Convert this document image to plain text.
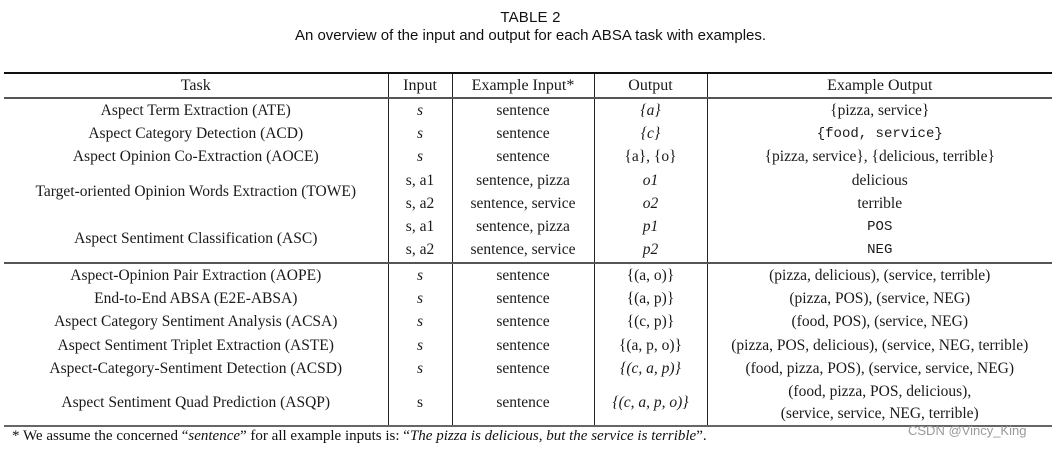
TABLE 2
An overview of the input and output for each ABSA task with examples.
Task	Input	Example Input*	Output	Example Output
Aspect Term Extraction (ATE)	s	sentence	{a}	{pizza, service}
Aspect Category Detection (ACD)	s	sentence	{c}	{food, service}
Aspect Opinion Co-Extraction (AOCE)	s	sentence	{a}, {o}	{pizza, service}, {delicious, terrible}
Target-oriented Opinion Words Extraction (TOWE)	s, a1	sentence, pizza	o1	delicious
	s, a2	sentence, service	o2	terrible
Aspect Sentiment Classification (ASC)	s, a1	sentence, pizza	p1	POS
	s, a2	sentence, service	p2	NEG
Aspect-Opinion Pair Extraction (AOPE)	s	sentence	{(a, o)}	(pizza, delicious), (service, terrible)
End-to-End ABSA (E2E-ABSA)	s	sentence	{(a, p)}	(pizza, POS), (service, NEG)
Aspect Category Sentiment Analysis (ACSA)	s	sentence	{(c, p)}	(food, POS), (service, NEG)
Aspect Sentiment Triplet Extraction (ASTE)	s	sentence	{(a, p, o)}	(pizza, POS, delicious), (service, NEG, terrible)
Aspect-Category-Sentiment Detection (ACSD)	s	sentence	{(c, a, p)}	(food, pizza, POS), (service, service, NEG)
Aspect Sentiment Quad Prediction (ASQP)	s	sentence	{(c, a, p, o)}	(food, pizza, POS, delicious),
(service, service, NEG, terrible)
* We assume the concerned “sentence” for all example inputs is: “The pizza is delicious, but the service is terrible”.	CSDN @Vincy_King
